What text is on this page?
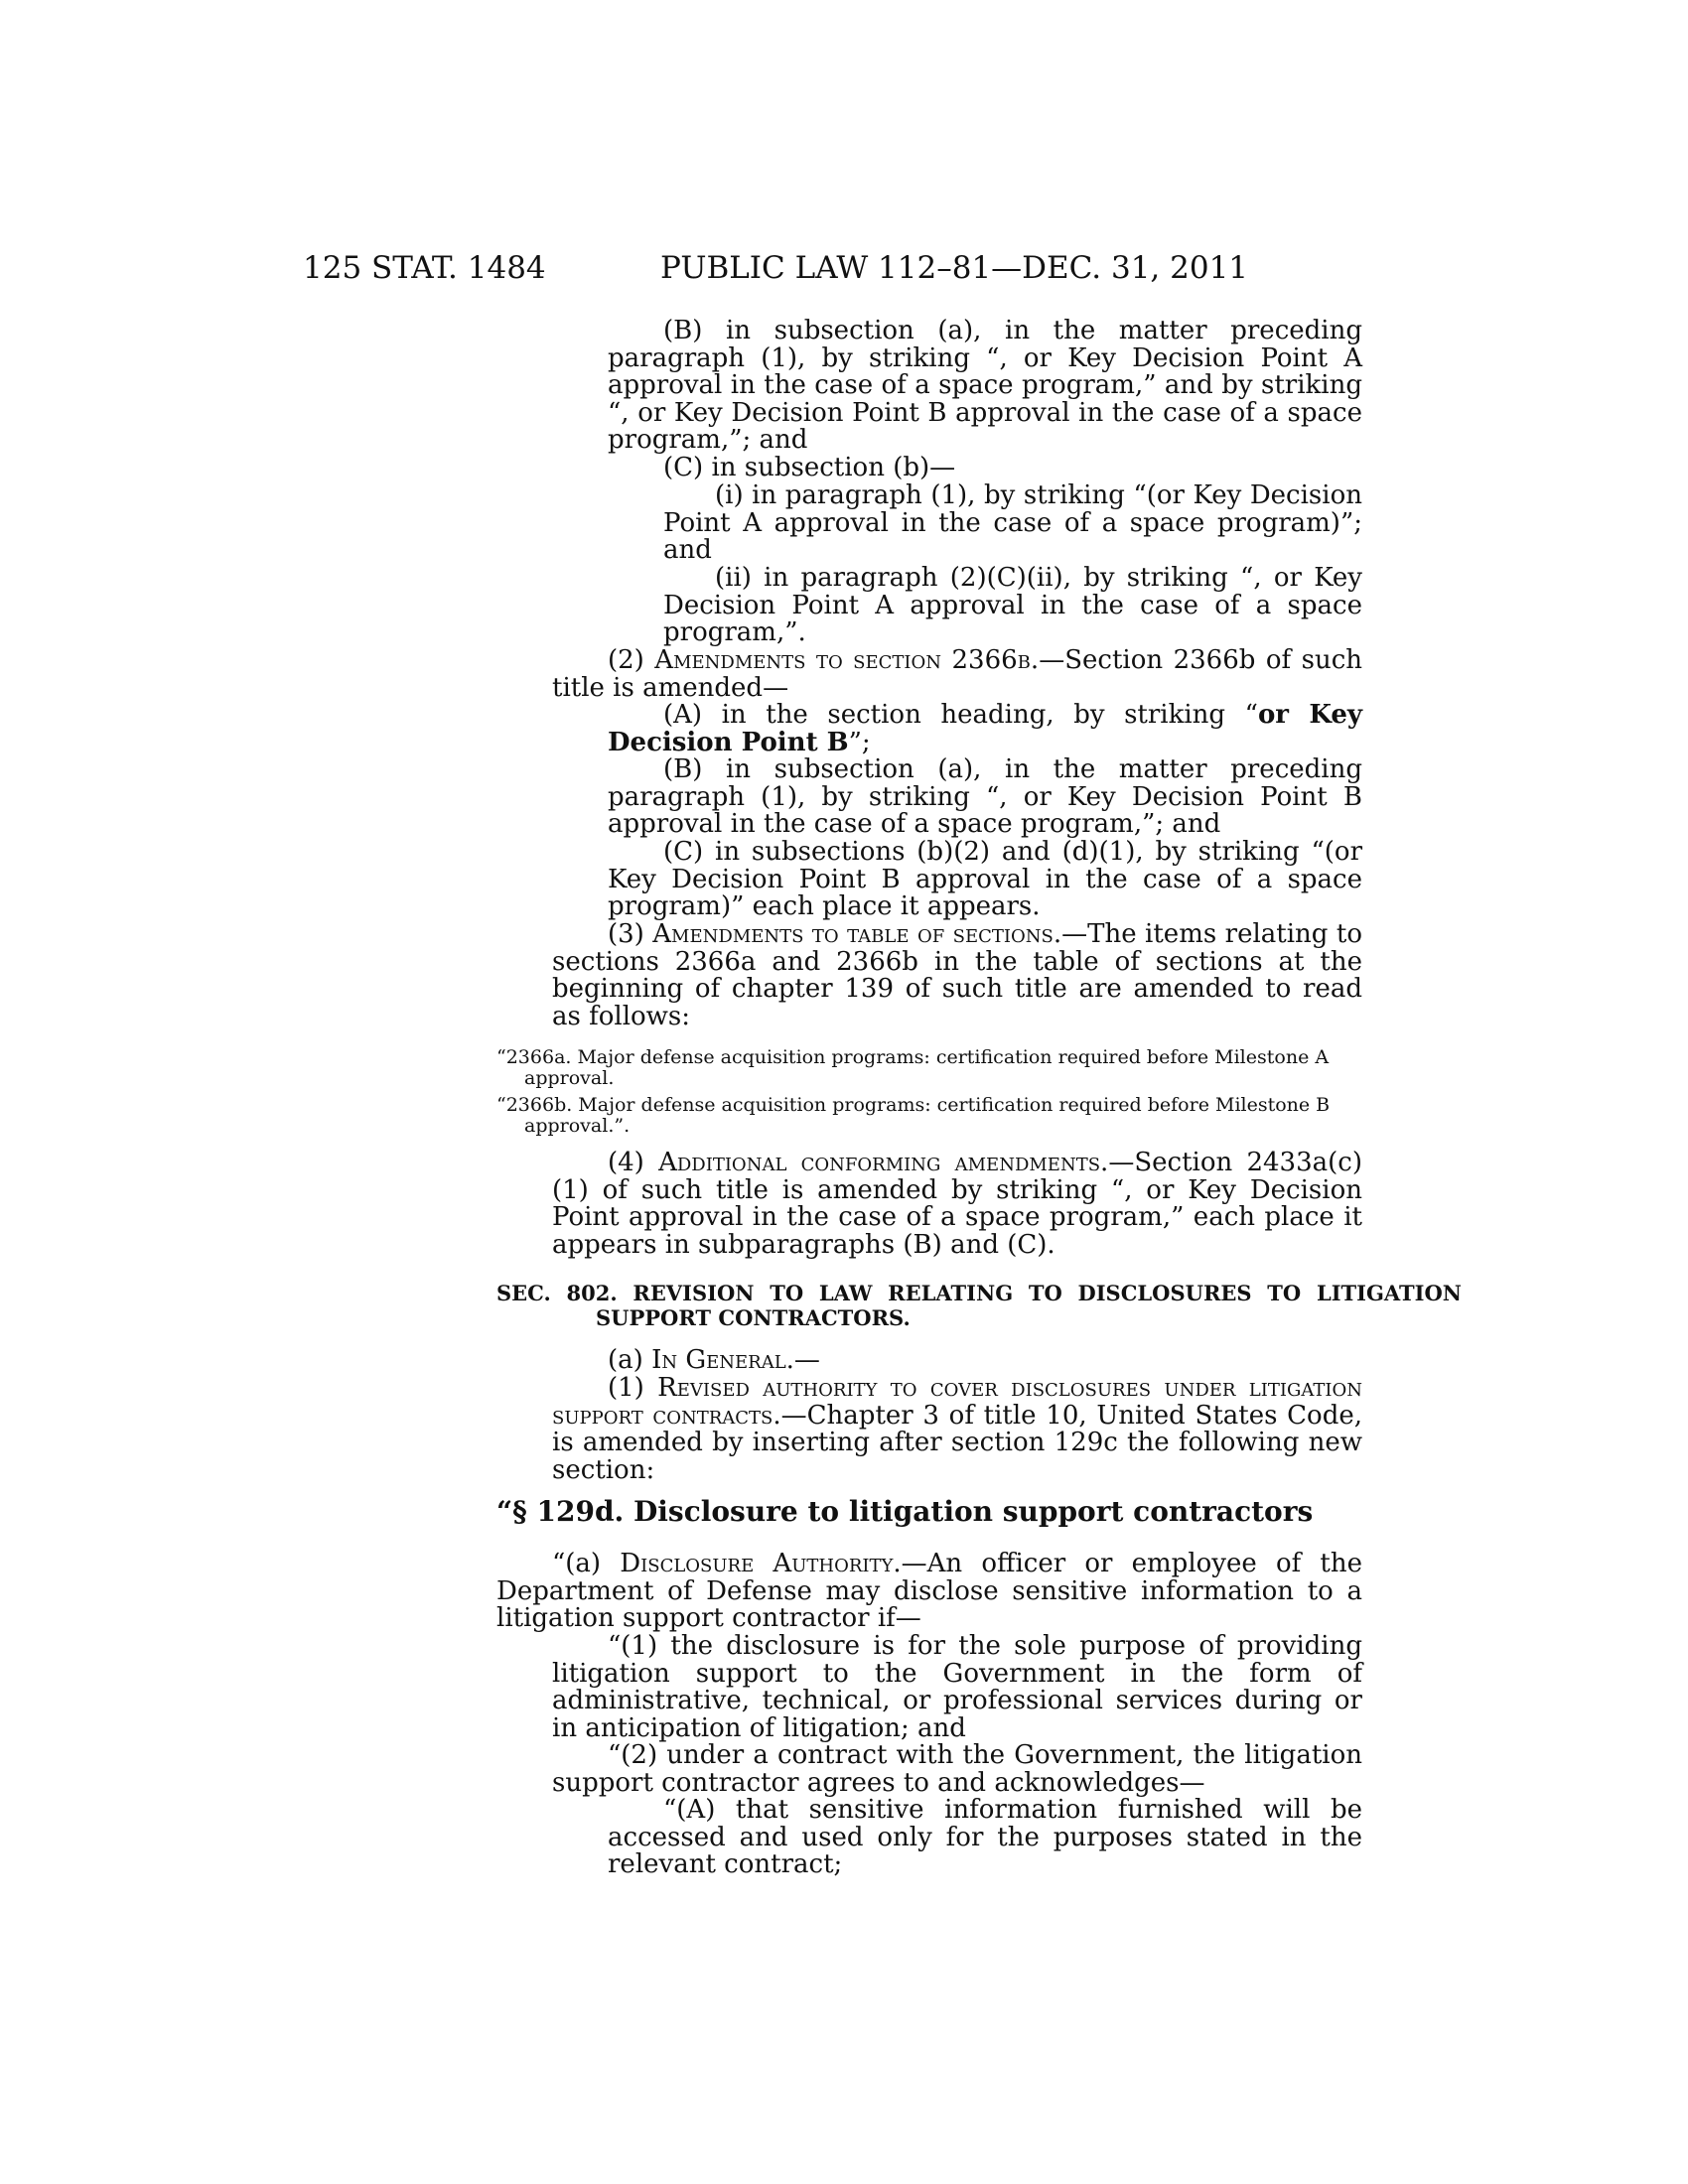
125 STAT. 1484	PUBLIC LAW 112–81—DEC. 31, 2011
(B) in subsection (a), in the matter preceding paragraph (1), by striking “, or Key Decision Point A approval in the case of a space program,” and by striking “, or Key Decision Point B approval in the case of a space program,”; and
(C) in subsection (b)—
(i) in paragraph (1), by striking “(or Key Decision Point A approval in the case of a space program)”; and
(ii) in paragraph (2)(C)(ii), by striking “, or Key Decision Point A approval in the case of a space program,”.
(2) Amendments to section 2366b.—Section 2366b of such title is amended—
(A) in the section heading, by striking “or Key Decision Point B”;
(B) in subsection (a), in the matter preceding paragraph (1), by striking “, or Key Decision Point B approval in the case of a space program,”; and
(C) in subsections (b)(2) and (d)(1), by striking “(or Key Decision Point B approval in the case of a space program)” each place it appears.
(3) Amendments to table of sections.—The items relating to sections 2366a and 2366b in the table of sections at the beginning of chapter 139 of such title are amended to read as follows:
“2366a. Major defense acquisition programs: certification required before Milestone A approval.
“2366b. Major defense acquisition programs: certification required before Milestone B approval.”.
(4) Additional conforming amendments.—Section 2433a(c)(1) of such title is amended by striking “, or Key Decision Point approval in the case of a space program,” each place it appears in subparagraphs (B) and (C).
SEC. 802. REVISION TO LAW RELATING TO DISCLOSURES TO LITIGATION SUPPORT CONTRACTORS.
(a) In General.—
(1) Revised authority to cover disclosures under litigation support contracts.—Chapter 3 of title 10, United States Code, is amended by inserting after section 129c the following new section:
“§ 129d. Disclosure to litigation support contractors
“(a) Disclosure Authority.—An officer or employee of the Department of Defense may disclose sensitive information to a litigation support contractor if—
“(1) the disclosure is for the sole purpose of providing litigation support to the Government in the form of administrative, technical, or professional services during or in anticipation of litigation; and
“(2) under a contract with the Government, the litigation support contractor agrees to and acknowledges—
“(A) that sensitive information furnished will be accessed and used only for the purposes stated in the relevant contract;
